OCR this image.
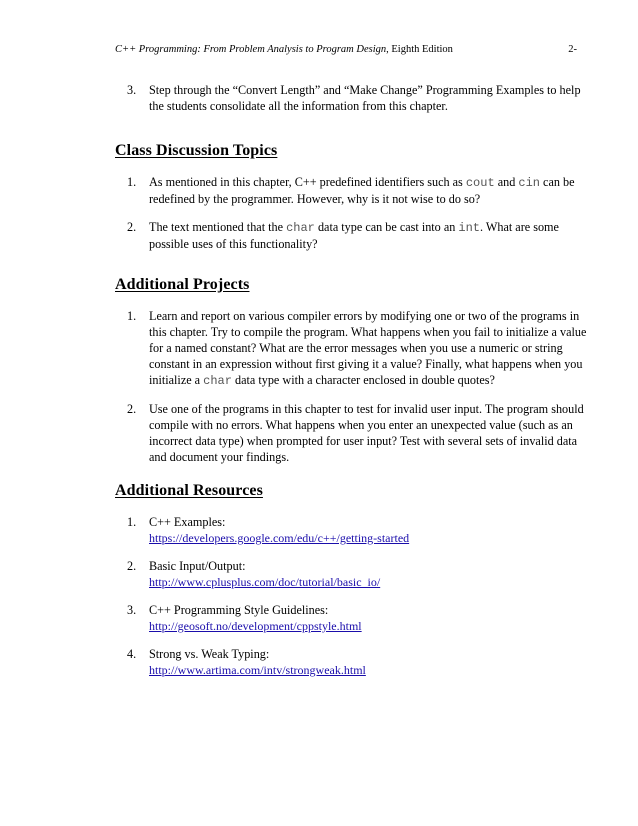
C++ Programming: From Problem Analysis to Program Design, Eighth Edition	2-
3. Step through the “Convert Length” and “Make Change” Programming Examples to help the students consolidate all the information from this chapter.
Class Discussion Topics
1. As mentioned in this chapter, C++ predefined identifiers such as cout and cin can be redefined by the programmer. However, why is it not wise to do so?
2. The text mentioned that the char data type can be cast into an int. What are some possible uses of this functionality?
Additional Projects
1. Learn and report on various compiler errors by modifying one or two of the programs in this chapter. Try to compile the program. What happens when you fail to initialize a value for a named constant? What are the error messages when you use a numeric or string constant in an expression without first giving it a value? Finally, what happens when you initialize a char data type with a character enclosed in double quotes?
2. Use one of the programs in this chapter to test for invalid user input. The program should compile with no errors. What happens when you enter an unexpected value (such as an incorrect data type) when prompted for user input? Test with several sets of invalid data and document your findings.
Additional Resources
1. C++ Examples:
https://developers.google.com/edu/c++/getting-started
2. Basic Input/Output:
http://www.cplusplus.com/doc/tutorial/basic_io/
3. C++ Programming Style Guidelines:
http://geosoft.no/development/cppstyle.html
4. Strong vs. Weak Typing:
http://www.artima.com/intv/strongweak.html
